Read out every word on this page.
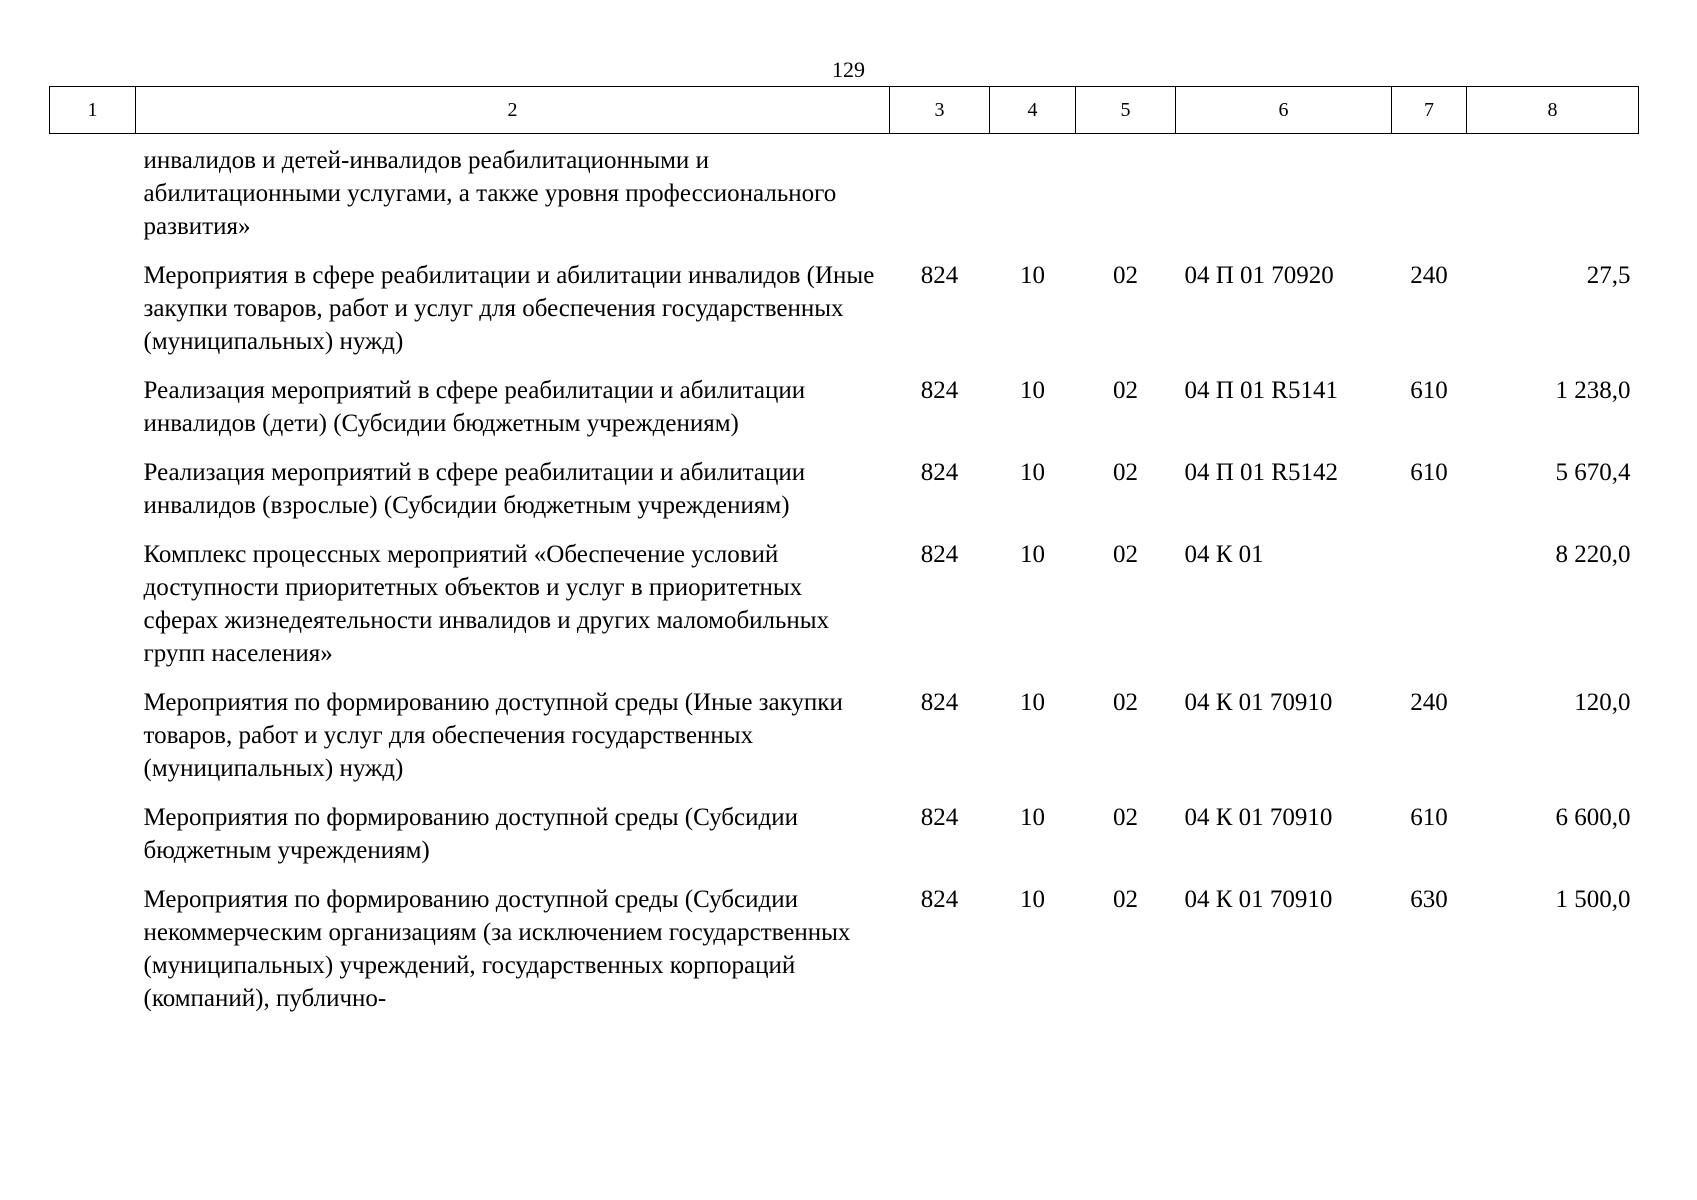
129
1	2	3	4	5	6	7	8

инвалидов и детей-инвалидов реабилитационными и абилитационными услугами, а также уровня профессионального развития»							

Мероприятия в сфере реабилитации и абилитации инвалидов (Иные закупки товаров, работ и услуг для обеспечения государственных (муниципальных) нужд)		824	10	02	04 П 01 70920	240	27,5

Реализация мероприятий в сфере реабилитации и абилитации инвалидов (дети) (Субсидии бюджетным учреждениям)		824	10	02	04 П 01 R5141	610	1 238,0

Реализация мероприятий в сфере реабилитации и абилитации инвалидов (взрослые) (Субсидии бюджетным учреждениям)		824	10	02	04 П 01 R5142	610	5 670,4

Комплекс процессных мероприятий «Обеспечение условий доступности приоритетных объектов и услуг в приоритетных сферах жизнедеятельности инвалидов и других маломобильных групп населения»		824	10	02	04 К 01		8 220,0

Мероприятия по формированию доступной среды (Иные закупки товаров, работ и услуг для обеспечения государственных (муниципальных) нужд)		824	10	02	04 К 01 70910	240	120,0

Мероприятия по формированию доступной среды (Субсидии бюджетным учреждениям)		824	10	02	04 К 01 70910	610	6 600,0

Мероприятия по формированию доступной среды (Субсидии некоммерческим организациям (за исключением государственных (муниципальных) учреждений, государственных корпораций (компаний), публично-		824	10	02	04 К 01 70910	630	1 500,0
